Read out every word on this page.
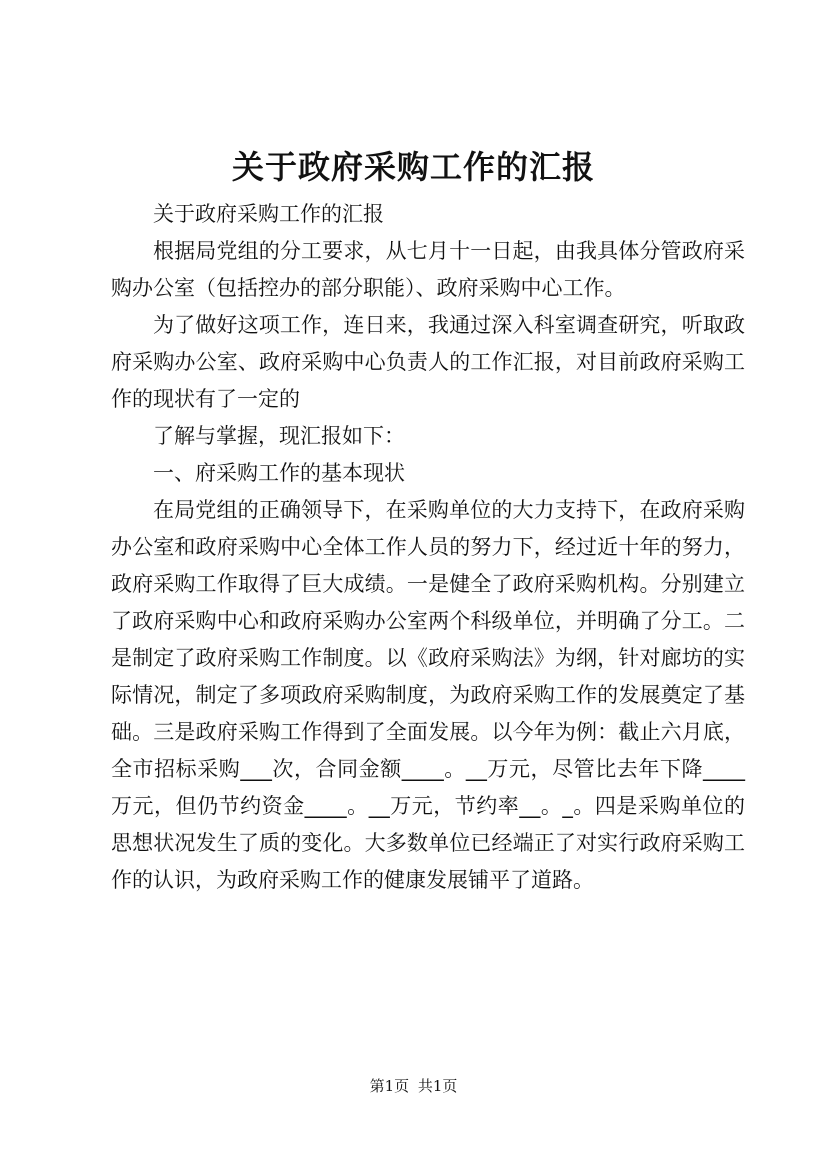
关于政府采购工作的汇报

关于政府采购工作的汇报

根据局党组的分工要求，从七月十一日起，由我具体分管政府采购办公室（包括控办的部分职能）、政府采购中心工作。

为了做好这项工作，连日来，我通过深入科室调查研究，听取政府采购办公室、政府采购中心负责人的工作汇报，对目前政府采购工作的现状有了一定的

了解与掌握，现汇报如下：

一、府采购工作的基本现状

在局党组的正确领导下，在采购单位的大力支持下，在政府采购办公室和政府采购中心全体工作人员的努力下，经过近十年的努力，政府采购工作取得了巨大成绩。一是健全了政府采购机构。分别建立了政府采购中心和政府采购办公室两个科级单位，并明确了分工。二是制定了政府采购工作制度。以《政府采购法》为纲，针对廊坊的实际情况，制定了多项政府采购制度，为政府采购工作的发展奠定了基础。三是政府采购工作得到了全面发展。以今年为例：截止六月底，全市招标采购___次，合同金额____。__万元，尽管比去年下降____万元，但仍节约资金____。__万元，节约率__。_。四是采购单位的思想状况发生了质的变化。大多数单位已经端正了对实行政府采购工作的认识，为政府采购工作的健康发展铺平了道路。

第1页 共1页
